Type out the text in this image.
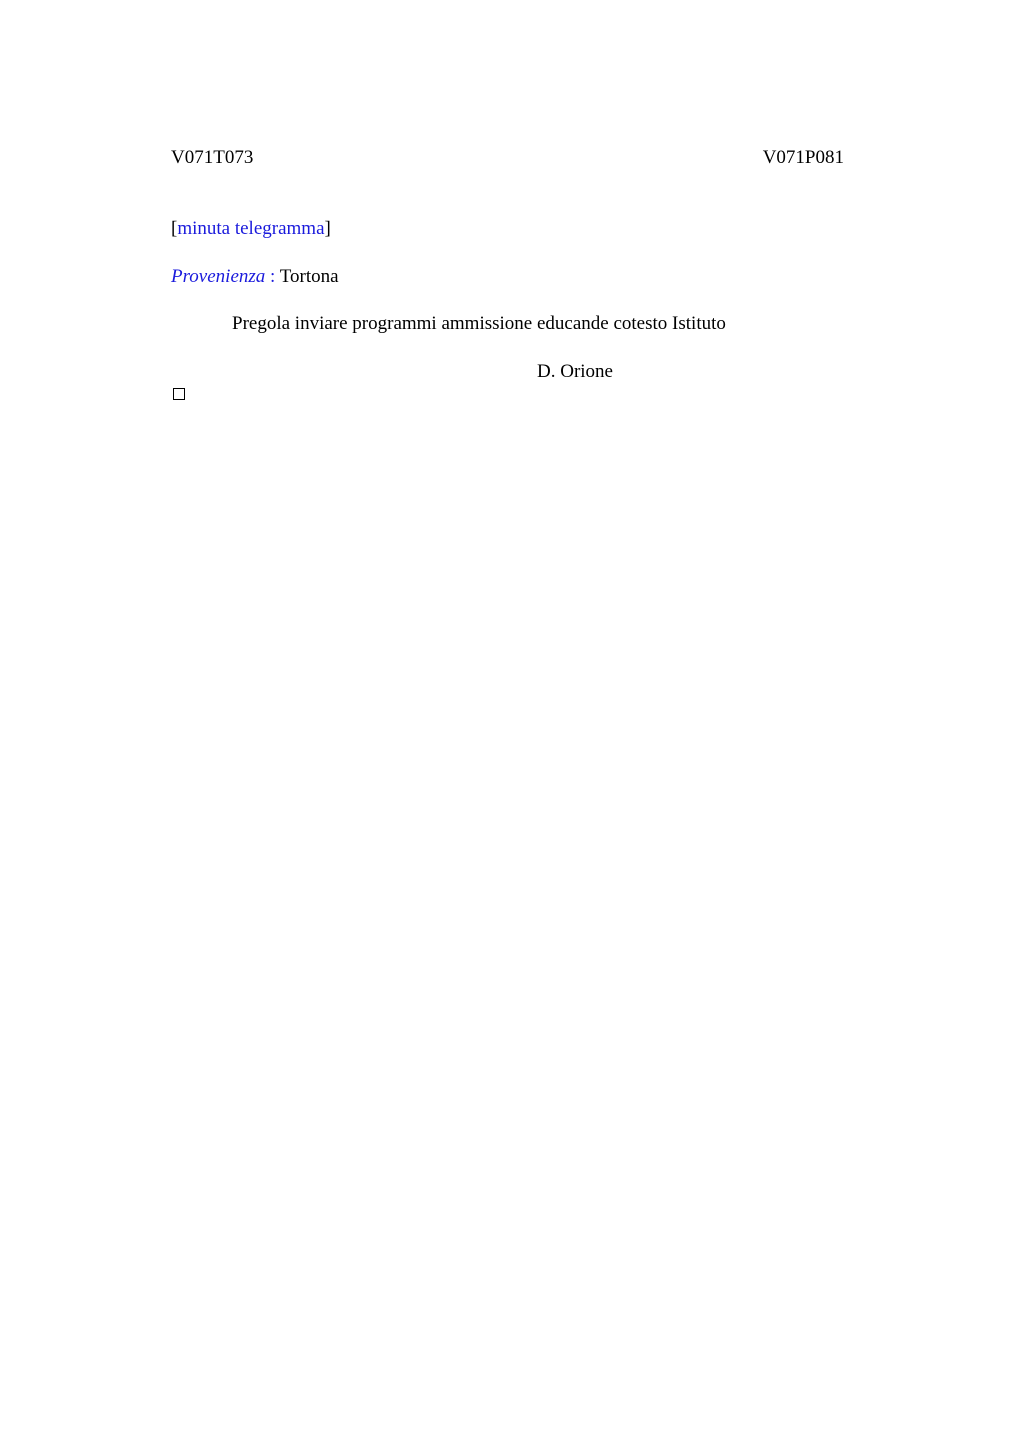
V071T073	V071P081
[minuta telegramma]
Provenienza : Tortona
Pregola inviare programmi ammissione educande cotesto Istituto
D. Orione
